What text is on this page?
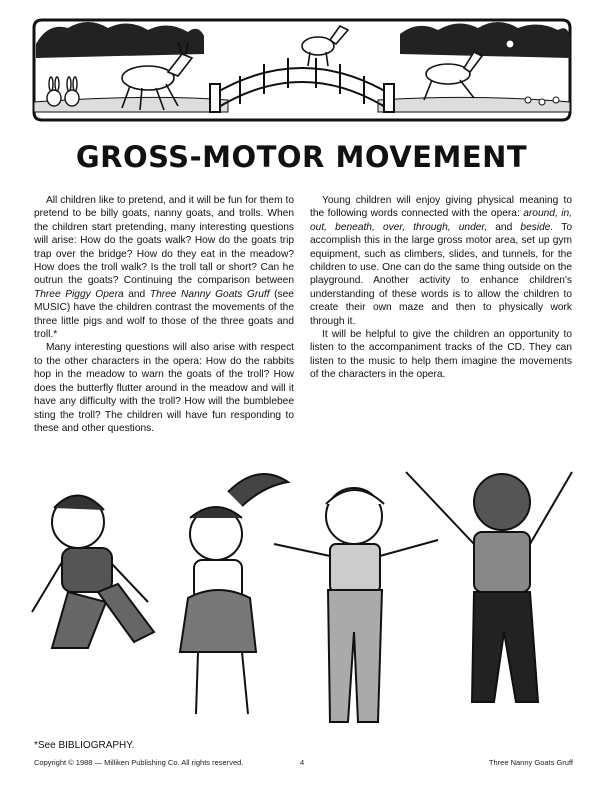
GROSS-MOTOR MOVEMENT

All children like to pretend, and it will be fun for them to pretend to be billy goats, nanny goats, and trolls. When the children start pretending, many interesting questions will arise: How do the goats walk? How do the goats trip trap over the bridge? How do they eat in the meadow? How does the troll walk? Is the troll tall or short? Can he outrun the goats? Continuing the comparison between Three Piggy Opera and Three Nanny Goats Gruff (see MUSIC) have the children contrast the movements of the three little pigs and wolf to those of the three goats and troll.*

Many interesting questions will also arise with respect to the other characters in the opera: How do the rabbits hop in the meadow to warn the goats of the troll? How does the butterfly flutter around in the meadow and will it have any difficulty with the troll? How will the bumblebee sting the troll? The children will have fun responding to these and other questions.

Young children will enjoy giving physical meaning to the following words connected with the opera: around, in, out, beneath, over, through, under, and beside. To accomplish this in the large gross motor area, set up gym equipment, such as climbers, slides, and tunnels, for the children to use. One can do the same thing outside on the playground. Another activity to enhance children's understanding of these words is to allow the children to create their own maze and then to physically work through it.

It will be helpful to give the children an opportunity to listen to the accompaniment tracks of the CD. They can listen to the music to help them imagine the movements of the characters in the opera.

*See BIBLIOGRAPHY.
Copyright © 1988 — Milliken Publishing Co. All rights reserved.	4	Three Nanny Goats Gruff
